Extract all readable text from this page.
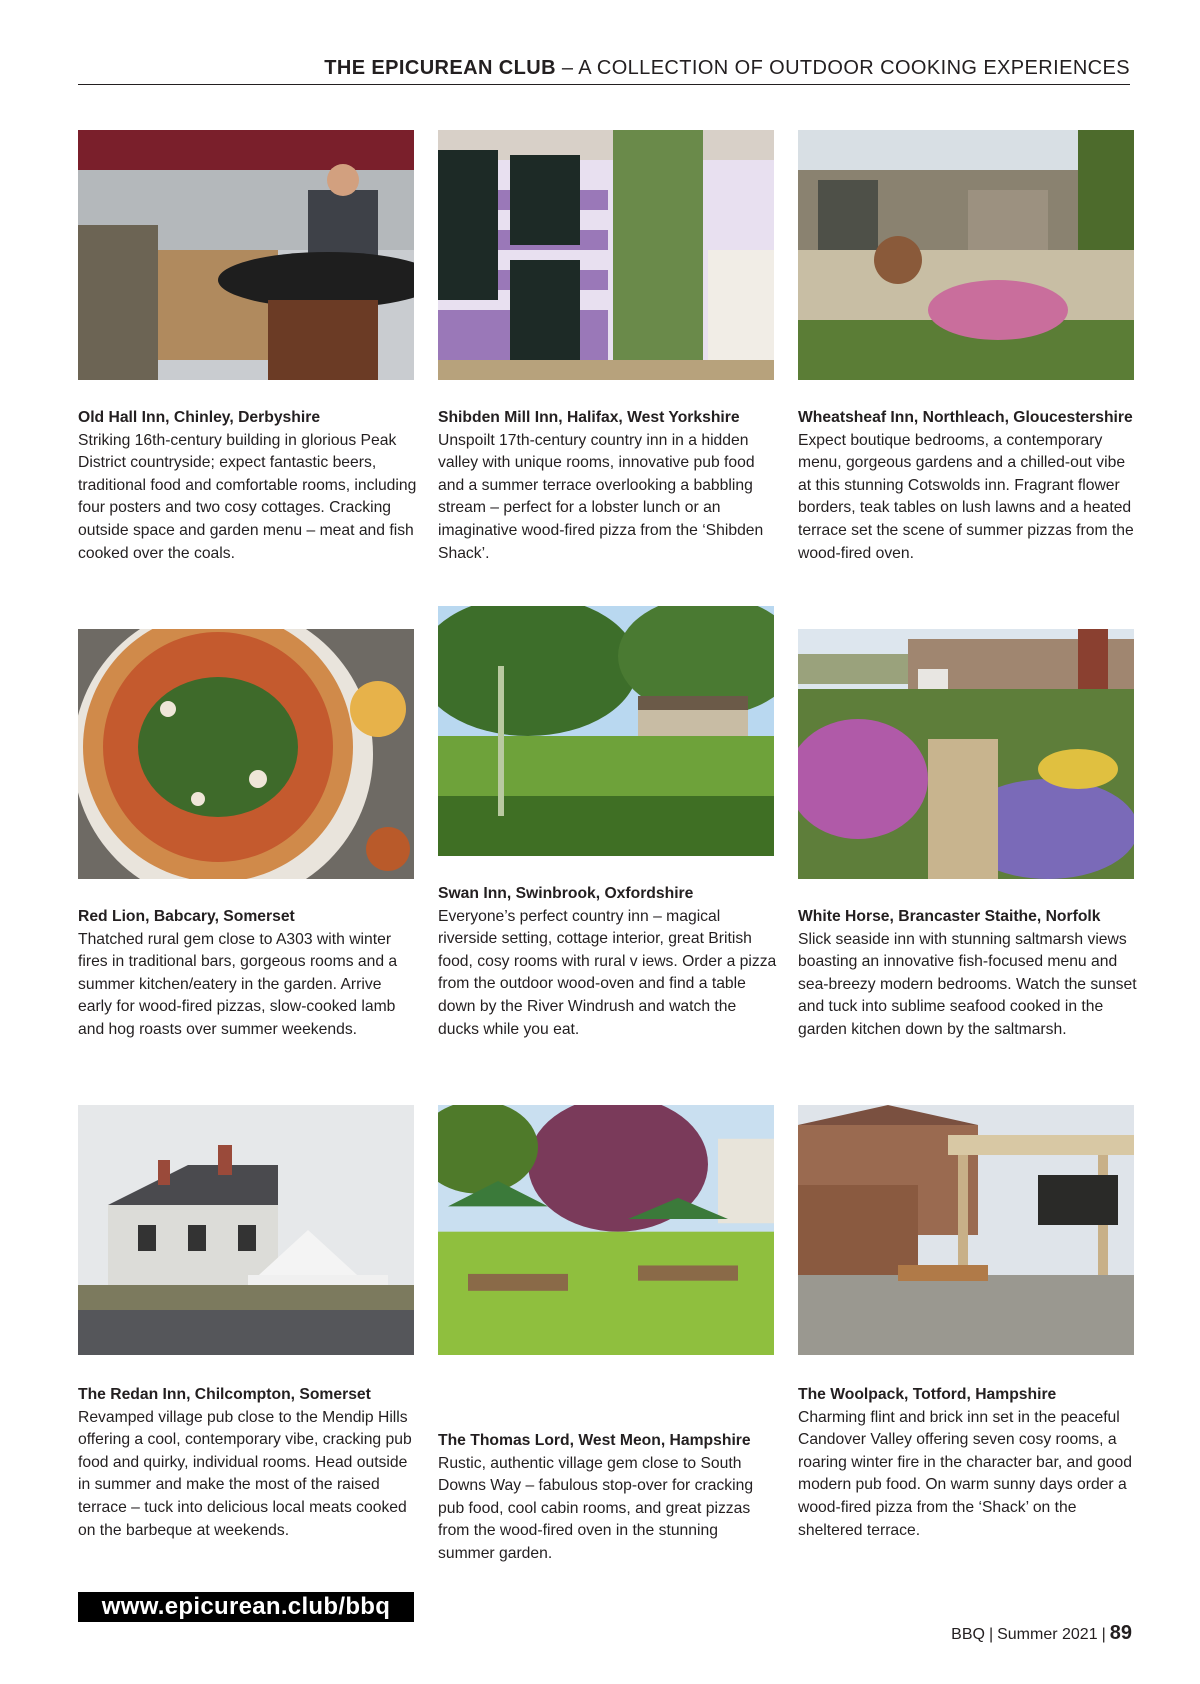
THE EPICUREAN CLUB – A COLLECTION OF OUTDOOR COOKING EXPERIENCES
Old Hall Inn, Chinley, Derbyshire
Striking 16th-century building in glorious Peak District countryside; expect fantastic beers, traditional food and comfortable rooms, including four posters and two cosy cottages. Cracking outside space and garden menu – meat and fish cooked over the coals.
Shibden Mill Inn, Halifax, West Yorkshire
Unspoilt 17th-century country inn in a hidden valley with unique rooms, innovative pub food and a summer terrace overlooking a babbling stream – perfect for a lobster lunch or an imaginative wood-fired pizza from the ‘Shibden Shack’.
Wheatsheaf Inn, Northleach, Gloucestershire
Expect boutique bedrooms, a contemporary menu, gorgeous gardens and a chilled-out vibe at this stunning Cotswolds inn. Fragrant flower borders, teak tables on lush lawns and a heated terrace set the scene of summer pizzas from the wood-fired oven.
Red Lion, Babcary, Somerset
Thatched rural gem close to A303 with winter fires in traditional bars, gorgeous rooms and a summer kitchen/eatery in the garden. Arrive early for wood-fired pizzas, slow-cooked lamb and hog roasts over summer weekends.
Swan Inn, Swinbrook, Oxfordshire
Everyone’s perfect country inn – magical riverside setting, cottage interior, great British food, cosy rooms with rural v iews. Order a pizza from the outdoor wood-oven and find a table down by the River Windrush and watch the ducks while you eat.
White Horse, Brancaster Staithe, Norfolk
Slick seaside inn with stunning saltmarsh views boasting an innovative fish-focused menu and sea-breezy modern bedrooms. Watch the sunset and tuck into sublime seafood cooked in the garden kitchen down by the saltmarsh.
The Redan Inn, Chilcompton, Somerset
Revamped village pub close to the Mendip Hills offering a cool, contemporary vibe, cracking pub food and quirky, individual rooms. Head outside in summer and make the most of the raised terrace – tuck into delicious local meats cooked on the barbeque at weekends.
The Thomas Lord, West Meon, Hampshire
Rustic, authentic village gem close to South Downs Way – fabulous stop-over for cracking pub food, cool cabin rooms, and great pizzas from the wood-fired oven in the stunning summer garden.
The Woolpack, Totford, Hampshire
Charming flint and brick inn set in the peaceful Candover Valley offering seven cosy rooms, a roaring winter fire in the character bar, and good modern pub food. On warm sunny days order a wood-fired pizza from the ‘Shack’ on the sheltered terrace.
www.epicurean.club/bbq
BBQ | Summer 2021 | 89
